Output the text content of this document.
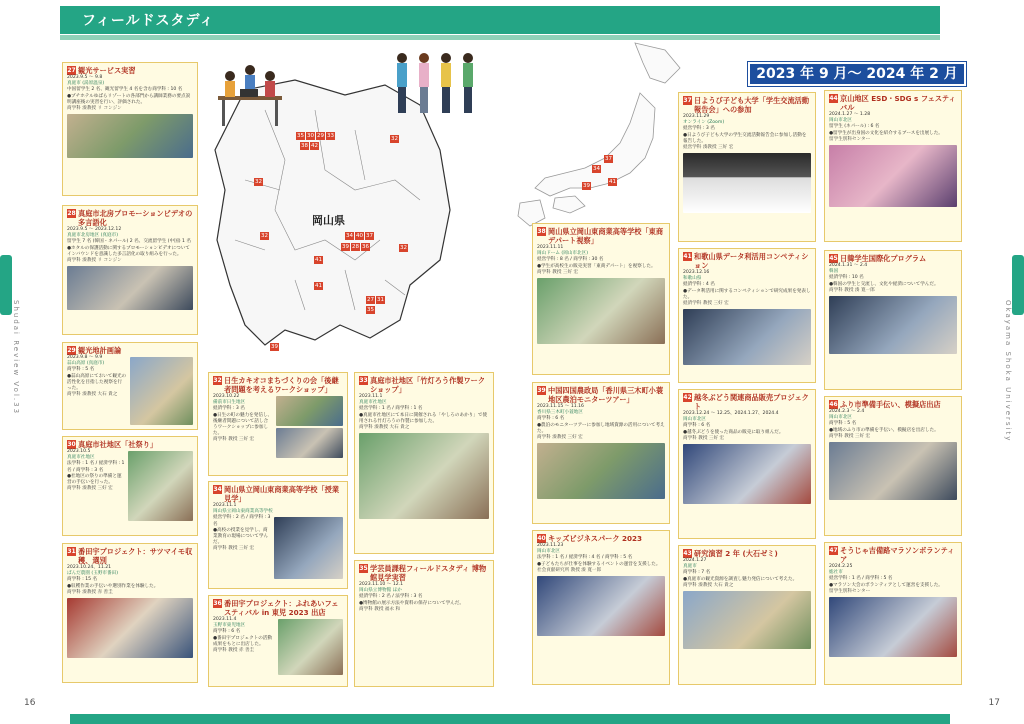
フィールドスタディ
Shudai Review Vol.33	Okayama Shoka University
16	17
岡山県
35 30 29 33
38 42
32
32
32	34 40 37
39 28 36
41
32
41
27 31
35
39
37
34
41
39
2023 年 9 月〜 2024 年 2 月
27 観光サービス実習
2023.9.5 〜 9.8
真庭市 (湯原温泉)
中国留学生 2 名、観光留学生 4 名を含む商学科 : 10 名
●プチホテルゆばらリゾートの各部門から講師業務の要点説明講座後の実習を行い、評価された。
商学科 湊教授 リ コンジン
28 真庭市北房プロモーションビデオの多言語化
2023.9.5 〜 2023.12.12
真庭市北房地区 (真庭市)
留学生 7 名 (韓国・ネパール) 2 名、交流留学生 (中国) 1 名
●ホタルの保護活動に関するプロモーションビデオについてインバウンドを意識した多言語化の取り組みを行った。
商学科 湊教授 リ コンジン
29 観光地計画論
2023.9.8 〜 9.9
蒜山高原 (真庭市)
商学科 : 5 名
●蒜山高原にておいて観光の活性化を目指した視察を行った。
商学科 湊教授 大石 貴之
30 真庭市社地区「社祭り」
2023.10.5
真庭市社地区
法学科 : 1 名 / 経済学科 : 1 名 / 商学科 : 3 名
●社地区の祭りの準備と運営の手伝いを行った。
商学科 湊教授 三好 宏
31 番田宇プロジェクト：サツマイモ収穫、選別
2023.10.24、11.21
ぱんだ農園 (玉野市番田)
商学科 : 15 名
●収穫作業の手伝いや選別作業を体験した。
商学科 湊教授 赤 善圭
32 日生カキオコまちづくりの会「後継者問題を考えるワークショップ」
2023.10.22
備前市日生地区
経済学科 : 3 名
●日生の町の魅力を発信し、後継者問題について話し合うワークショップに参加した。
商学科 教授 三好 宏
34 岡山県立岡山東商業高等学校「授業見学」
2023.11.1
岡山県立岡山東商業高等学校
経営学科 : 2 名 / 商学科 : 3 名
●高校の授業を見学し、商業教育の現場について学んだ。
商学科 教授 三好 宏
36 番田宇プロジェクト：ふれあいフェスティバル in 東児 2023 出店
2023.11.4
玉野市東児地区
商学科 : 6 名
●番田宇プロジェクトの活動成果をもとに出店した。
商学科 教授 赤 善圭
33 真庭市社地区「竹灯ろう作製ワークショップ」
2023.11.1
真庭市社地区
経営学科 : 1 名 / 商学科 : 1 名
●真庭市社地区にて本日に開催される「やしろのあかり」で使用される竹灯ろうの作製に参加した。
商学科 湊教授 大石 貴之
35 学芸員課程フィールドスタディ 博物館見学実習
2023.11.10 〜 12.1
岡山県立博物館 ほか
経済学科 : 2 名 / 法学科 : 3 名
●博物館の展示方法や資料の保存について学んだ。
商学科 教授 福永 和
38 岡山県立岡山東商業高等学校「東商デパート視察」
2023.11.11
岡山ドーム (岡山市北区)
経営学科 : 8 名 / 商学科 : 30 名
●学生が高校生の販売実習「東商デパート」を視察した。
商学科 教授 三好 宏
39 中国四国農政局「香川県三木町小蓑地区農泊モニターツアー」
2023.11.15 〜 11.16
香川県三木町小蓑地区
商学科 : 6 名
●農泊のモニターツアーに参加し地域資源の活用について考えた。
商学科 湊教授 三好 宏
40 キッズビジネスパーク 2023
2023.11.23
岡山市北区
法学科 : 1 名 / 経済学科 : 4 名 / 商学科 : 5 名
●子どもたちが仕事を体験するイベントの運営を支援した。
社会貢献研究所 教授 湊 寛一郎
37 日ようび子ども大学「学生交流活動報告会」への参加
2023.11.29
オンライン (Zoom)
経営学科 : 3 名
●日ようび子ども大学の学生交流活動報告会に参加し活動を報告した。
経営学科 湊教授 三好 宏
41 和歌山県データ利活用コンペティション
2023.12.16
和歌山県
経済学科 : 4 名
●データ利活用に関するコンペティションで研究成果を発表した。
経済学科 教授 三好 宏
42 越冬ぶどう関連商品販売プロジェクト
2023.12.24 〜 12.25、2024.1.27、2024.4
岡山市北区
商学科 : 6 名
●越冬ぶどうを使った商品の販売に取り組んだ。
商学科 教授 三好 宏
43 研究演習 2 年 (大石ゼミ)
2024.1.27
真庭市
商学科 : 7 名
●真庭市の観光資源を調査し魅力発信について考えた。
商学科 湊教授 大石 貴之
44 京山地区 ESD・SDG s フェスティバル
2024.1.27 〜 1.28
岡山市北区
留学生 (ネパール) : 6 名
●留学生が出身国の文化を紹介するブースを出展した。
留学生別科センター
45 日韓学生国際化プログラム
2024.1.31 〜 2.4
韓国
経済学科 : 10 名
●韓国の学生と交流し、文化や経済について学んだ。
商学科 教授 湊 寛一郎
46 ふり市準備手伝い、模擬店出店
2024.2.3 〜 2.4
岡山市北区
商学科 : 5 名
●地域のふり市の準備を手伝い、模擬店を出店した。
商学科 教授 三好 宏
47 そうじゃ吉備路マラソンボランティア
2024.2.25
総社市
経営学科 : 1 名 / 商学科 : 5 名
●マラソン大会のボランティアとして運営を支援した。
留学生別科センター
